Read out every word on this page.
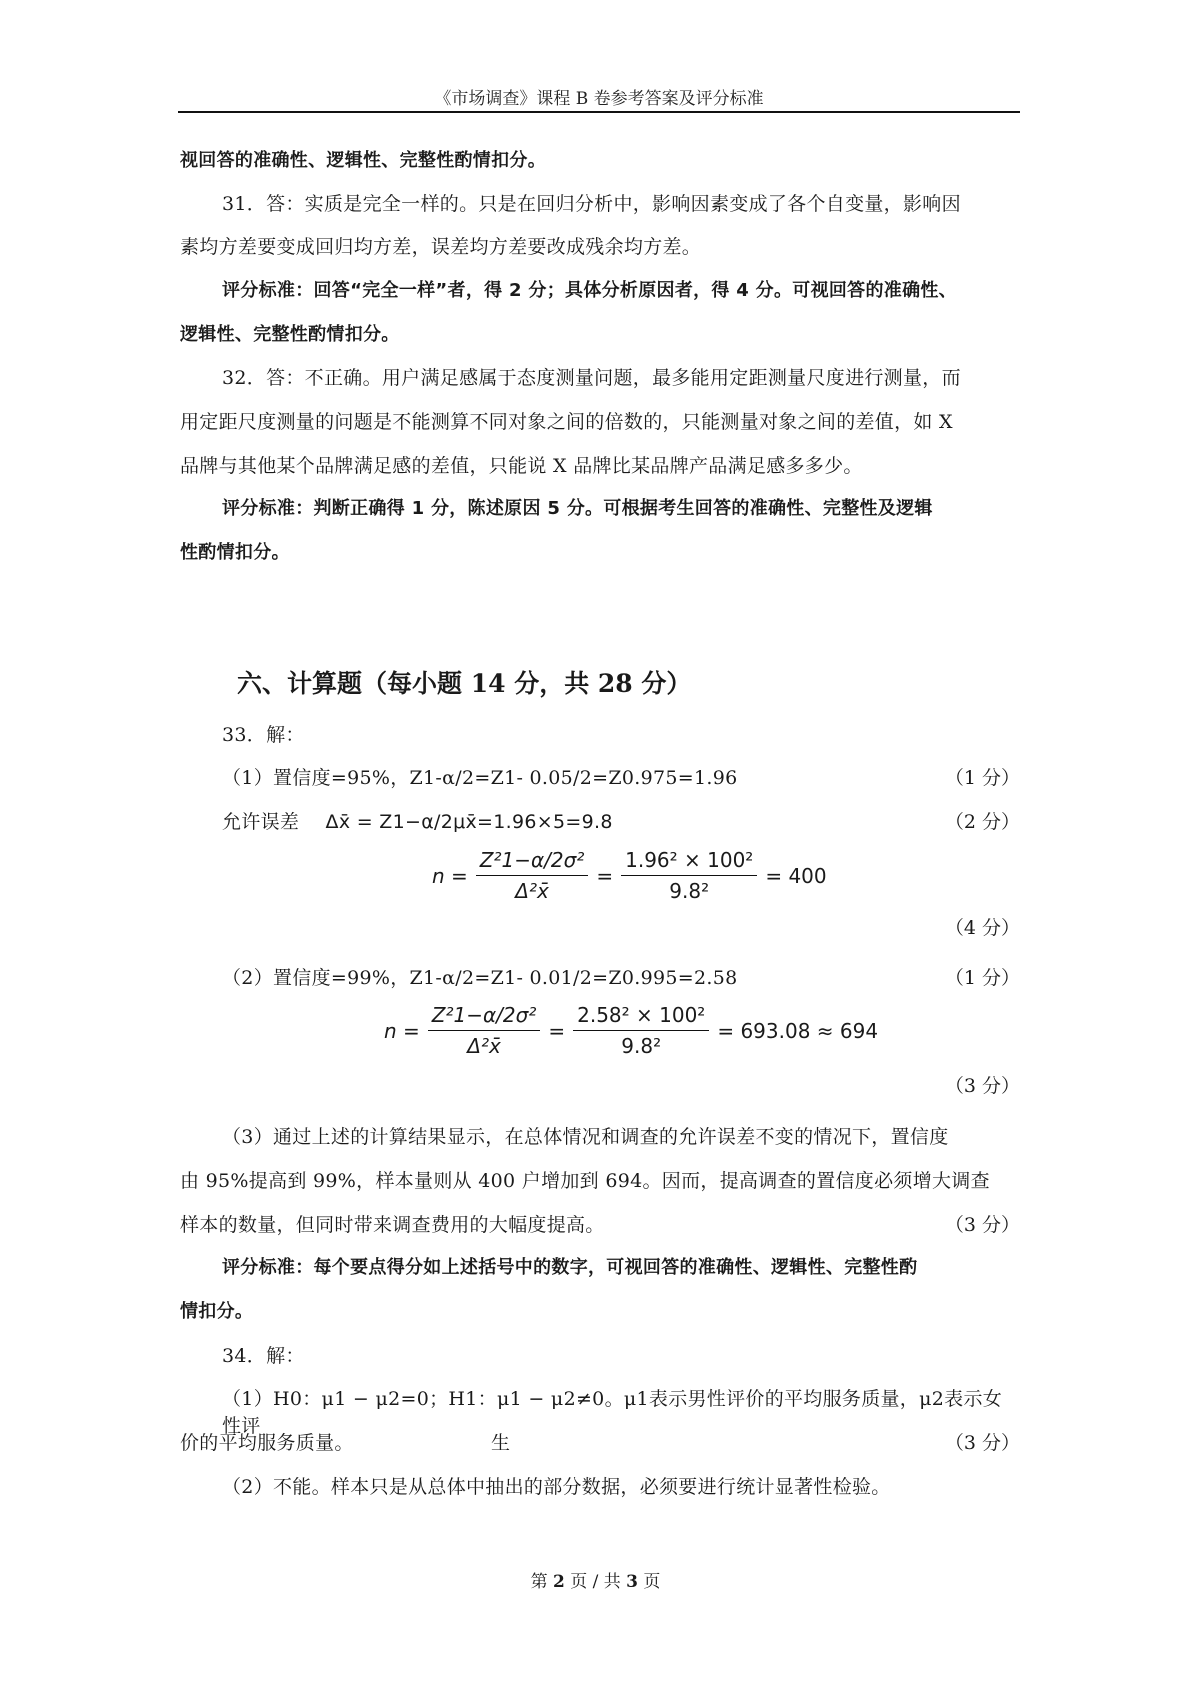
《市场调查》课程 B 卷参考答案及评分标准
视回答的准确性、逻辑性、完整性酌情扣分。
31．答：实质是完全一样的。只是在回归分析中，影响因素变成了各个自变量，影响因
素均方差要变成回归均方差，误差均方差要改成残余均方差。
评分标准：回答“完全一样”者，得 2 分；具体分析原因者，得 4 分。可视回答的准确性、
逻辑性、完整性酌情扣分。
32．答：不正确。用户满足感属于态度测量问题，最多能用定距测量尺度进行测量，而
用定距尺度测量的问题是不能测算不同对象之间的倍数的，只能测量对象之间的差值，如 X
品牌与其他某个品牌满足感的差值，只能说 X 品牌比某品牌产品满足感多多少。
评分标准：判断正确得 1 分，陈述原因 5 分。可根据考生回答的准确性、完整性及逻辑
性酌情扣分。
六、计算题（每小题 14 分，共 28 分）
33．解：
（1）置信度=95%，Z1-α/2=Z1- 0.05/2=Z0.975=1.96	（1 分）
允许误差 Δx̄ = Z1−α/2μx̄=1.96×5=9.8	（2 分）
$n = \frac{\text{Z²1−α/2σ²}}{\text{Δ²x̄}} = \frac{\text{1.96² × 100²}}{\text{9.8²}} = 400$
（4 分）
（2）置信度=99%，Z1-α/2=Z1- 0.01/2=Z0.995=2.58	（1 分）
$n = \frac{\text{Z²1−α/2σ²}}{\text{Δ²x̄}} = \frac{\text{2.58² × 100²}}{\text{9.8²}} = 693.08 \approx 694$
（3 分）
（3）通过上述的计算结果显示，在总体情况和调查的允许误差不变的情况下，置信度
由 95%提高到 99%，样本量则从 400 户增加到 694。因而，提高调查的置信度必须增大调查
样本的数量，但同时带来调查费用的大幅度提高。	（3 分）
评分标准：每个要点得分如上述括号中的数字，可视回答的准确性、逻辑性、完整性酌
情扣分。
34．解：
（1）H0：μ1 − μ2=0；H1：μ1 − μ2≠0。μ1表示男性评价的平均服务质量，μ2表示女性评
价的平均服务质量。	生	（3 分）
（2）不能。样本只是从总体中抽出的部分数据，必须要进行统计显著性检验。
第 2 页 / 共 3 页
